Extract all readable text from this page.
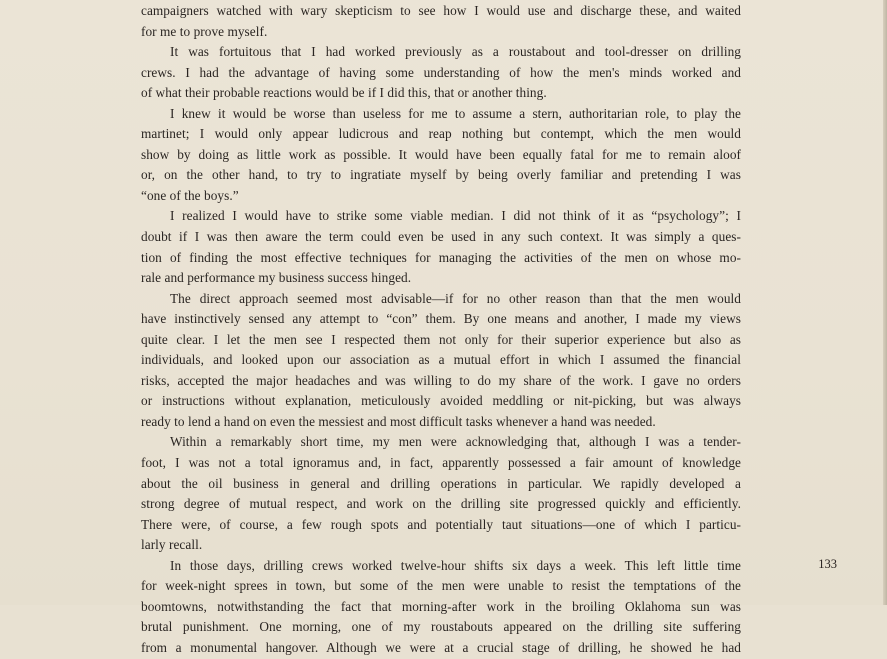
campaigners watched with wary skepticism to see how I would use and discharge these, and waited
for me to prove myself.
It was fortuitous that I had worked previously as a roustabout and tool-dresser on drilling
crews. I had the advantage of having some understanding of how the men's minds worked and
of what their probable reactions would be if I did this, that or another thing.
I knew it would be worse than useless for me to assume a stern, authoritarian role, to play the
martinet; I would only appear ludicrous and reap nothing but contempt, which the men would
show by doing as little work as possible. It would have been equally fatal for me to remain aloof
or, on the other hand, to try to ingratiate myself by being overly familiar and pretending I was
“one of the boys.”
I realized I would have to strike some viable median. I did not think of it as “psychology”; I
doubt if I was then aware the term could even be used in any such context. It was simply a ques-
tion of finding the most effective techniques for managing the activities of the men on whose mo-
rale and performance my business success hinged.
The direct approach seemed most advisable—if for no other reason than that the men would
have instinctively sensed any attempt to “con” them. By one means and another, I made my views
quite clear. I let the men see I respected them not only for their superior experience but also as
individuals, and looked upon our association as a mutual effort in which I assumed the financial
risks, accepted the major headaches and was willing to do my share of the work. I gave no orders
or instructions without explanation, meticulously avoided meddling or nit-picking, but was always
ready to lend a hand on even the messiest and most difficult tasks whenever a hand was needed.
Within a remarkably short time, my men were acknowledging that, although I was a tender-
foot, I was not a total ignoramus and, in fact, apparently possessed a fair amount of knowledge
about the oil business in general and drilling operations in particular. We rapidly developed a
strong degree of mutual respect, and work on the drilling site progressed quickly and efficiently.
There were, of course, a few rough spots and potentially taut situations—one of which I particu-
larly recall.
In those days, drilling crews worked twelve-hour shifts six days a week. This left little time
for week-night sprees in town, but some of the men were unable to resist the temptations of the
boomtowns, notwithstanding the fact that morning-after work in the broiling Oklahoma sun was
brutal punishment. One morning, one of my roustabouts appeared on the drilling site suffering
from a monumental hangover. Although we were at a crucial stage of drilling, he showed he had
133
